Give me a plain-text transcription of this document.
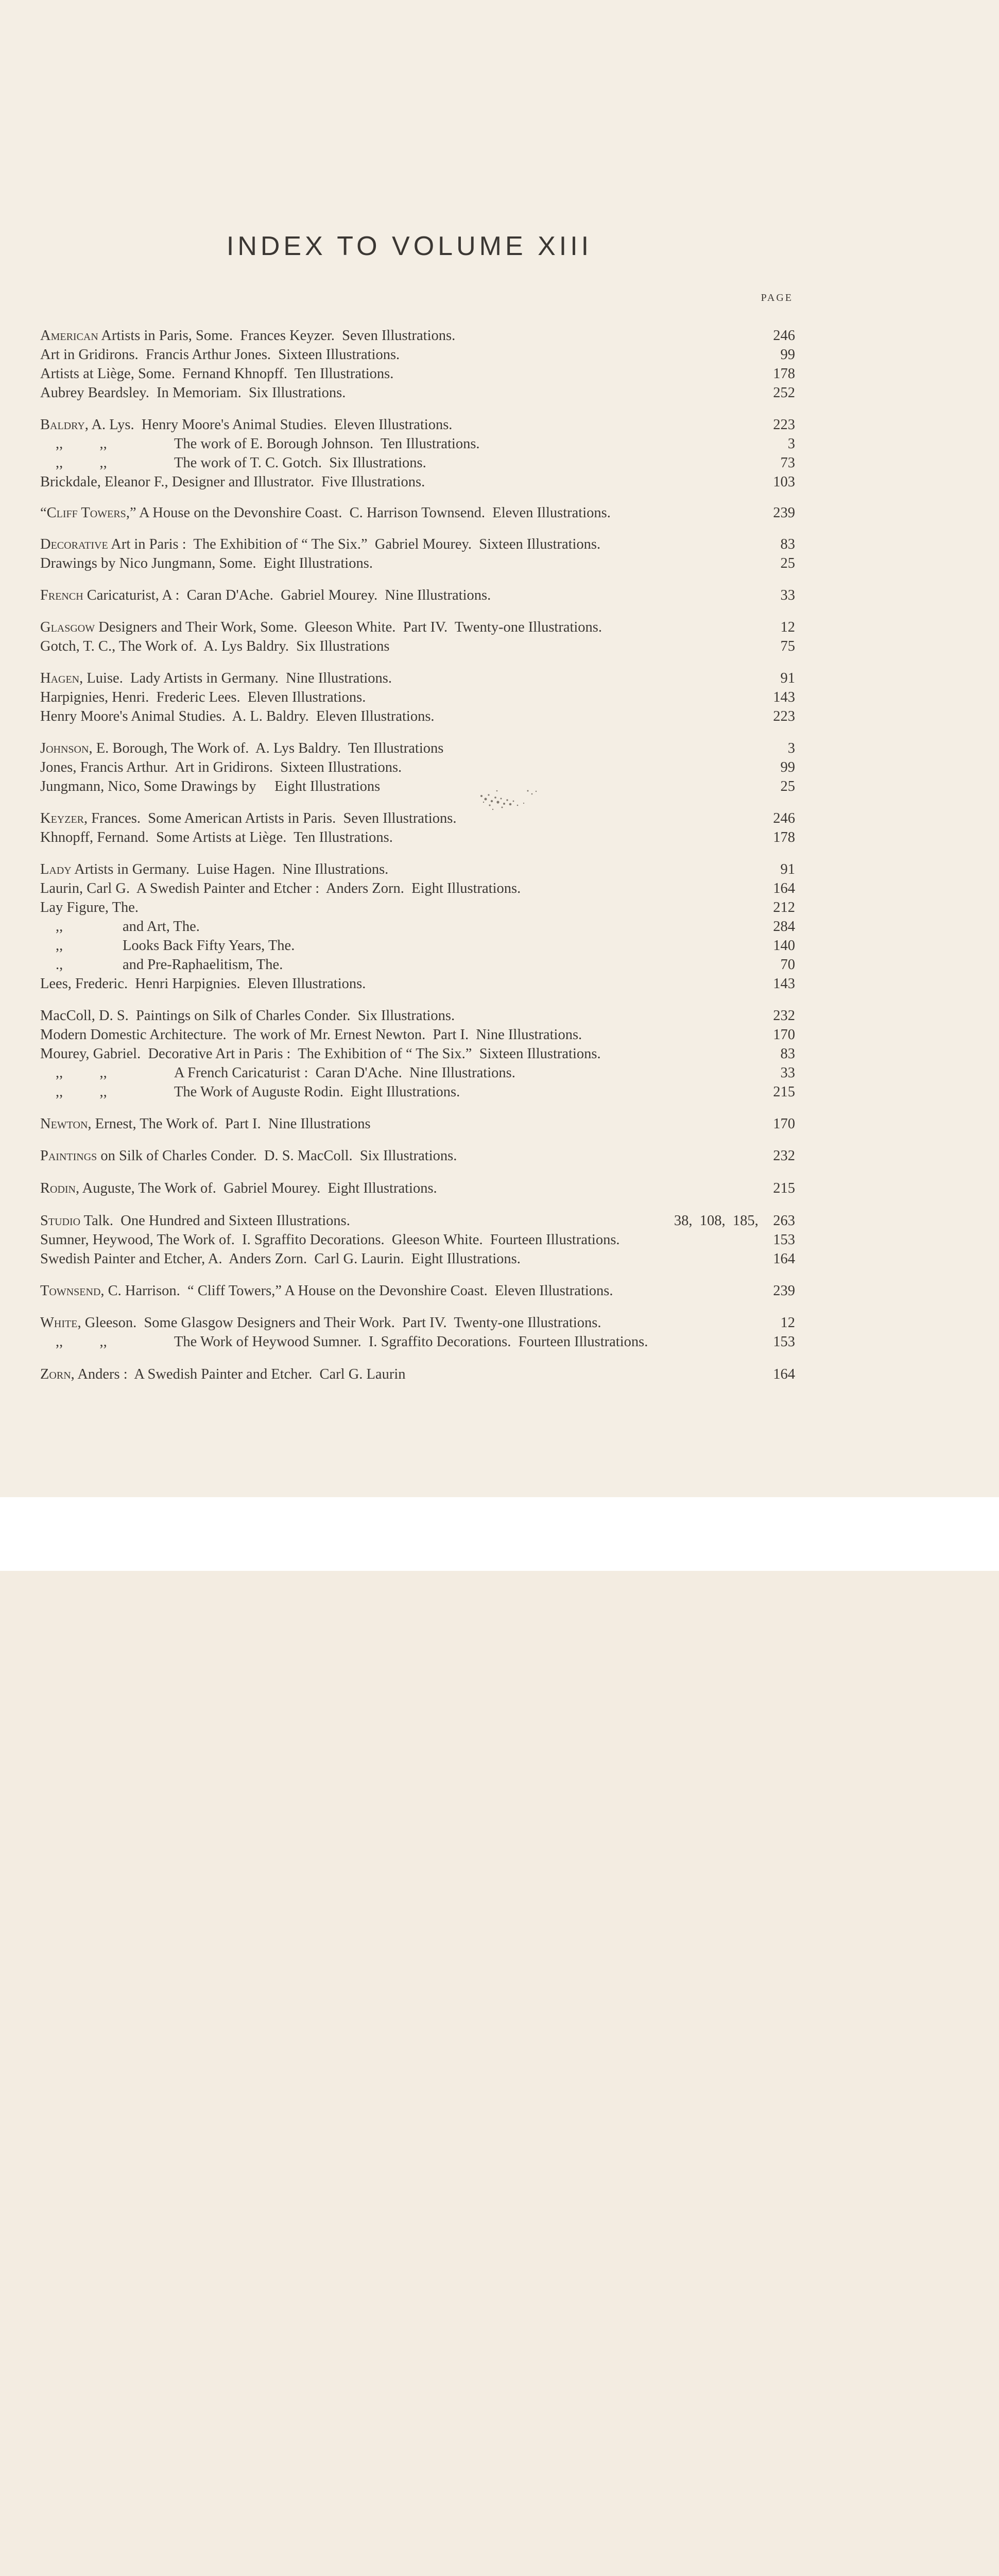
INDEX TO VOLUME XIII
PAGE
American Artists in Paris, Some.  Frances Keyzer.  Seven Illustrations.	246
Art in Gridirons.  Francis Arthur Jones.  Sixteen Illustrations.	99
Artists at Liège, Some.  Fernand Khnopff.  Ten Illustrations.	178
Aubrey Beardsley.  In Memoriam.  Six Illustrations.	252
Baldry, A. Lys.  Henry Moore's Animal Studies.  Eleven Illustrations.	223
,,          ,,	The work of E. Borough Johnson.  Ten Illustrations.	3
,,          ,,	The work of T. C. Gotch.  Six Illustrations.	73
Brickdale, Eleanor F., Designer and Illustrator.  Five Illustrations.	103
“Cliff Towers,” A House on the Devonshire Coast.  C. Harrison Townsend.  Eleven Illustrations.	239
Decorative Art in Paris :  The Exhibition of “ The Six.”  Gabriel Mourey.  Sixteen Illustrations.	83
Drawings by Nico Jungmann, Some.  Eight Illustrations.	25
French Caricaturist, A :  Caran D'Ache.  Gabriel Mourey.  Nine Illustrations.	33
Glasgow Designers and Their Work, Some.  Gleeson White.  Part IV.  Twenty-one Illustrations.	12
Gotch, T. C., The Work of.  A. Lys Baldry.  Six Illustrations	75
Hagen, Luise.  Lady Artists in Germany.  Nine Illustrations.	91
Harpignies, Henri.  Frederic Lees.  Eleven Illustrations.	143
Henry Moore's Animal Studies.  A. L. Baldry.  Eleven Illustrations.	223
Johnson, E. Borough, The Work of.  A. Lys Baldry.  Ten Illustrations	3
Jones, Francis Arthur.  Art in Gridirons.  Sixteen Illustrations.	99
Jungmann, Nico, Some Drawings by     Eight Illustrations	25
Keyzer, Frances.  Some American Artists in Paris.  Seven Illustrations.	246
Khnopff, Fernand.  Some Artists at Liège.  Ten Illustrations.	178
Lady Artists in Germany.  Luise Hagen.  Nine Illustrations.	91
Laurin, Carl G.  A Swedish Painter and Etcher :  Anders Zorn.  Eight Illustrations.	164
Lay Figure, The.	212
,,	and Art, The.	284
,,	Looks Back Fifty Years, The.	140
.,	and Pre-Raphaelitism, The.	70
Lees, Frederic.  Henri Harpignies.  Eleven Illustrations.	143
MacColl, D. S.  Paintings on Silk of Charles Conder.  Six Illustrations.	232
Modern Domestic Architecture.  The work of Mr. Ernest Newton.  Part I.  Nine Illustrations.	170
Mourey, Gabriel.  Decorative Art in Paris :  The Exhibition of “ The Six.”  Sixteen Illustrations.	83
,,          ,,	A French Caricaturist :  Caran D'Ache.  Nine Illustrations.	33
,,          ,,	The Work of Auguste Rodin.  Eight Illustrations.	215
Newton, Ernest, The Work of.  Part I.  Nine Illustrations	170
Paintings on Silk of Charles Conder.  D. S. MacColl.  Six Illustrations.	232
Rodin, Auguste, The Work of.  Gabriel Mourey.  Eight Illustrations.	215
Studio Talk.  One Hundred and Sixteen Illustrations.	38,  108,  185,    263
Sumner, Heywood, The Work of.  I. Sgraffito Decorations.  Gleeson White.  Fourteen Illustrations.	153
Swedish Painter and Etcher, A.  Anders Zorn.  Carl G. Laurin.  Eight Illustrations.	164
Townsend, C. Harrison.  “ Cliff Towers,” A House on the Devonshire Coast.  Eleven Illustrations.	239
White, Gleeson.  Some Glasgow Designers and Their Work.  Part IV.  Twenty-one Illustrations.	12
,,          ,,	The Work of Heywood Sumner.  I. Sgraffito Decorations.  Fourteen Illustrations.	153
Zorn, Anders :  A Swedish Painter and Etcher.  Carl G. Laurin	164
